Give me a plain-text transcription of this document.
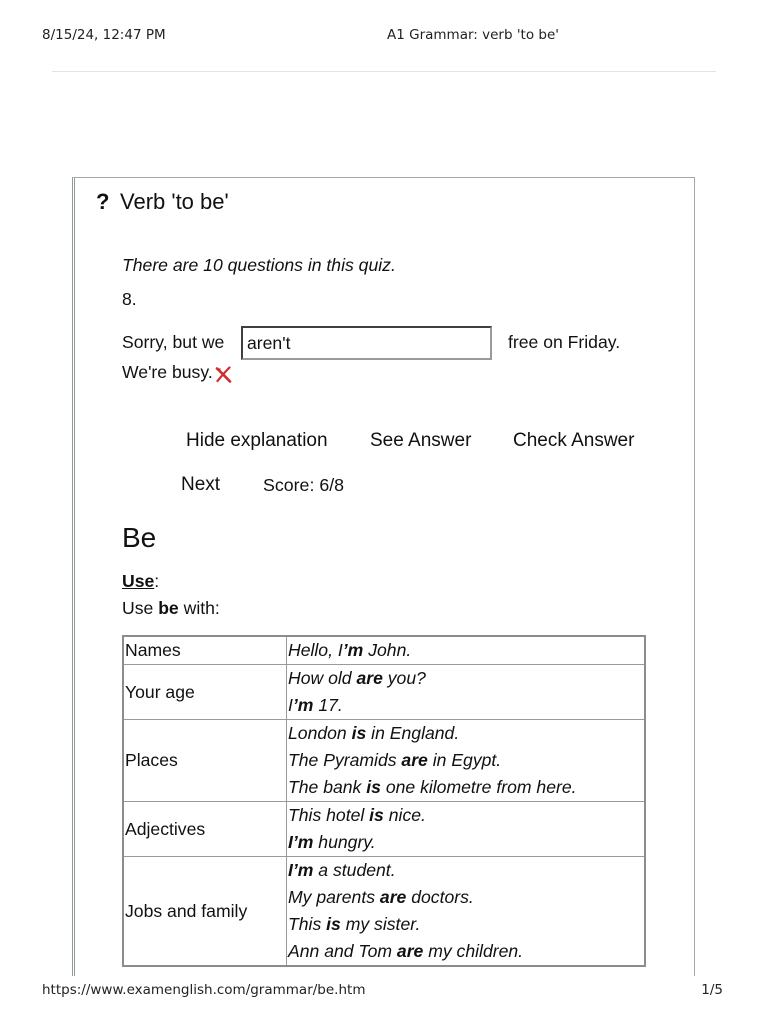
8/15/24, 12:47 PM	A1 Grammar: verb 'to be'
? Verb 'to be'
There are 10 questions in this quiz.
8.
Sorry, but we
aren't	free on Friday.
We're busy.
Hide explanation See Answer Check Answer
Next Score: 6/8
Be
Use:
Use be with:
Names	Hello, I’m John.

Your age	How old are you?
I’m 17.

Places	London is in England.
The Pyramids are in Egypt.
The bank is one kilometre from here.

Adjectives	This hotel is nice.
I’m hungry.

Jobs and family	I’m a student.
My parents are doctors.
This is my sister.
Ann and Tom are my children.
https://www.examenglish.com/grammar/be.htm	1/5
